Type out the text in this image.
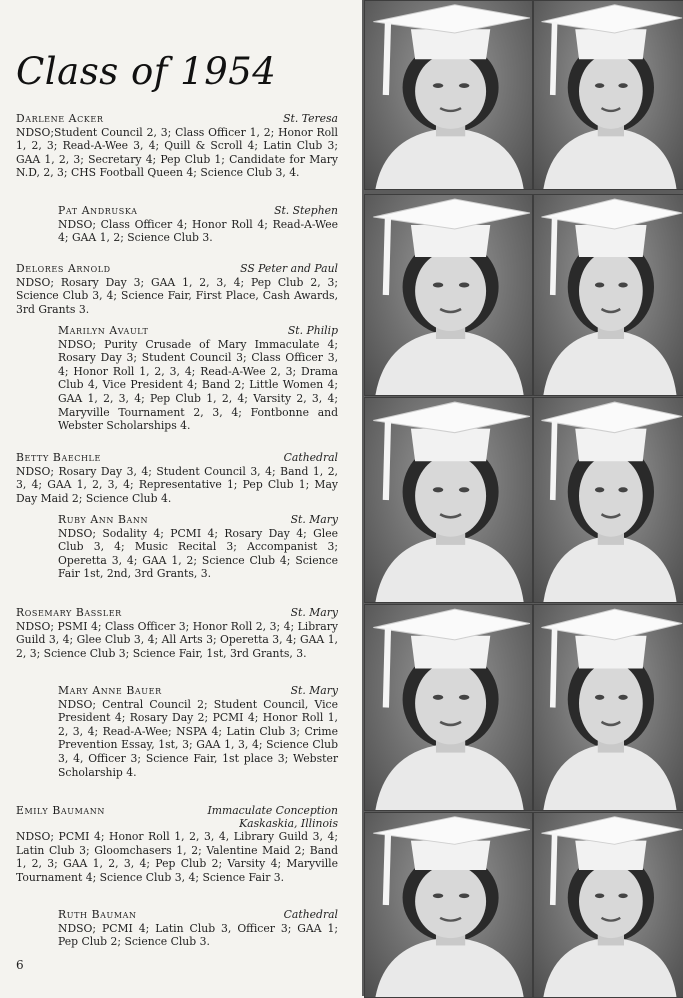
Class of 1954
Darlene Acker	St. Teresa
NDSO;Student Council 2, 3; Class Officer 1, 2; Honor Roll 1, 2, 3; Read-A-Wee 3, 4; Quill & Scroll 4; Latin Club 3; GAA 1, 2, 3; Secretary 4; Pep Club 1; Candidate for Mary N.D, 2, 3; CHS Football Queen 4; Science Club 3, 4.
Pat Andruska	St. Stephen
NDSO; Class Officer 4; Honor Roll 4; Read-A-Wee 4; GAA 1, 2; Science Club 3.
Delores Arnold	SS Peter and Paul
NDSO; Rosary Day 3; GAA 1, 2, 3, 4; Pep Club 2, 3; Science Club 3, 4; Science Fair, First Place, Cash Awards, 3rd Grants 3.
Marilyn Avault	St. Philip
NDSO; Purity Crusade of Mary Immaculate 4; Rosary Day 3; Student Council 3; Class Officer 3, 4; Honor Roll 1, 2, 3, 4; Read-A-Wee 2, 3; Drama Club 4, Vice President 4; Band 2; Little Women 4; GAA 1, 2, 3, 4; Pep Club 1, 2, 4; Varsity 2, 3, 4; Maryville Tournament 2, 3, 4; Fontbonne and Webster Scholarships 4.
Betty Baechle	Cathedral
NDSO; Rosary Day 3, 4; Student Council 3, 4; Band 1, 2, 3, 4; GAA 1, 2, 3, 4; Representative 1; Pep Club 1; May Day Maid 2; Science Club 4.
Ruby Ann Bann	St. Mary
NDSO; Sodality 4; PCMI 4; Rosary Day 4; Glee Club 3, 4; Music Recital 3; Accompanist 3; Operetta 3, 4; GAA 1, 2; Science Club 4; Science Fair 1st, 2nd, 3rd Grants, 3.
Rosemary Bassler	St. Mary
NDSO; PSMI 4; Class Officer 3; Honor Roll 2, 3; 4; Library Guild 3, 4; Glee Club 3, 4; All Arts 3; Operetta 3, 4; GAA 1, 2, 3; Science Club 3; Science Fair, 1st, 3rd Grants, 3.
Mary Anne Bauer	St. Mary
NDSO; Central Council 2; Student Council, Vice President 4; Rosary Day 2; PCMI 4; Honor Roll 1, 2, 3, 4; Read-A-Wee; NSPA 4; Latin Club 3; Crime Prevention Essay, 1st, 3; GAA 1, 3, 4; Science Club 3, 4, Officer 3; Science Fair, 1st place 3; Webster Scholarship 4.
Emily Baumann	Immaculate Conception
Kaskaskia, Illinois
NDSO; PCMI 4; Honor Roll 1, 2, 3, 4, Library Guild 3, 4; Latin Club 3; Gloomchasers 1, 2; Valentine Maid 2; Band 1, 2, 3; GAA 1, 2, 3, 4; Pep Club 2; Varsity 4; Maryville Tournament 4; Science Club 3, 4; Science Fair 3.
Ruth Bauman	Cathedral
NDSO; PCMI 4; Latin Club 3, Officer 3; GAA 1; Pep Club 2; Science Club 3.
6
